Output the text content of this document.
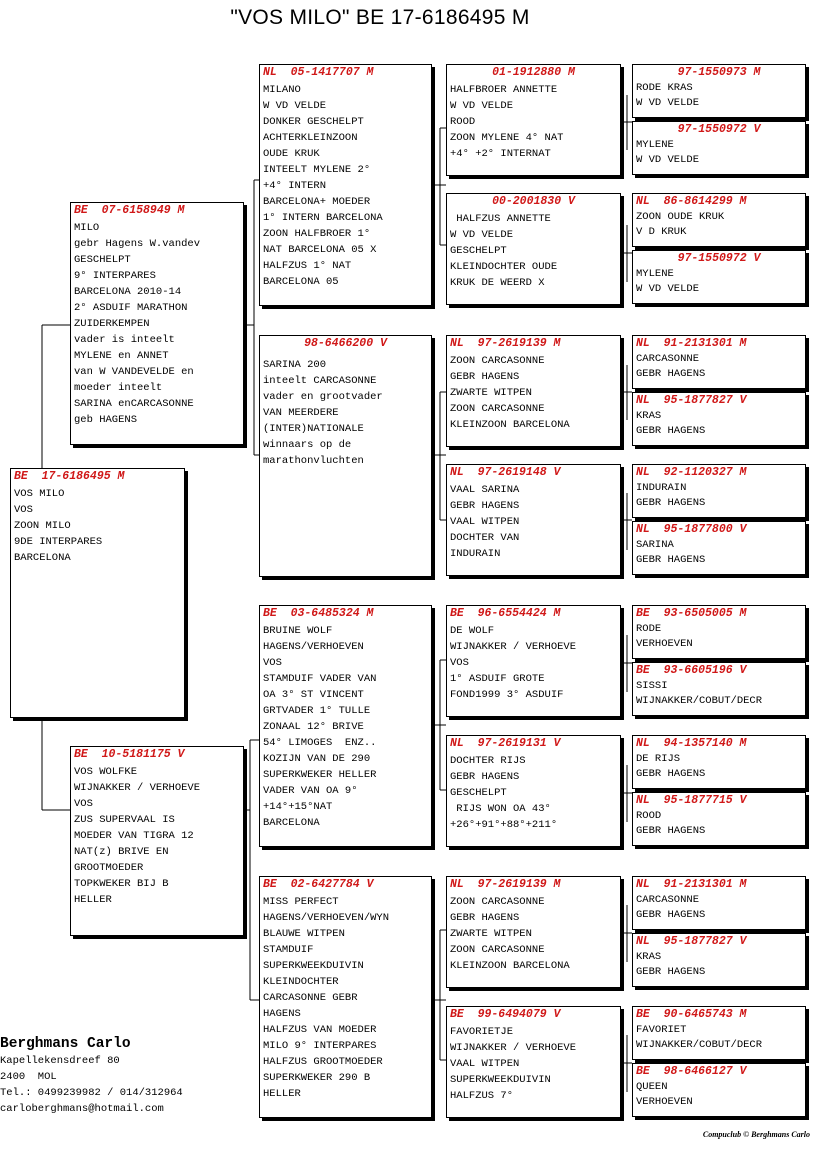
"VOS MILO" BE 17-6186495 M
BE  17-6186495 M
VOS MILO
VOS
ZOON MILO
9DE INTERPARES
BARCELONA
BE  07-6158949 M
MILO
gebr Hagens W.vandev
GESCHELPT
9° INTERPARES
BARCELONA 2010-14
2° ASDUIF MARATHON
ZUIDERKEMPEN
vader is inteelt
MYLENE en ANNET
van W VANDEVELDE en
moeder inteelt
SARINA enCARCASONNE
geb HAGENS
BE  10-5181175 V
VOS WOLFKE
WIJNAKKER / VERHOEVE
VOS
ZUS SUPERVAAL IS
MOEDER VAN TIGRA 12
NAT(z) BRIVE EN
GROOTMOEDER
TOPKWEKER BIJ B
HELLER
NL  05-1417707 M
MILANO
W VD VELDE
DONKER GESCHELPT
ACHTERKLEINZOON
OUDE KRUK
INTEELT MYLENE 2°
+4° INTERN
BARCELONA+ MOEDER
1° INTERN BARCELONA
ZOON HALFBROER 1°
NAT BARCELONA 05 X
HALFZUS 1° NAT
BARCELONA 05
98-6466200 V
SARINA 200
inteelt CARCASONNE
vader en grootvader
VAN MEERDERE
(INTER)NATIONALE
winnaars op de
marathonvluchten
BE  03-6485324 M
BRUINE WOLF
HAGENS/VERHOEVEN
VOS
STAMDUIF VADER VAN
OA 3° ST VINCENT
GRTVADER 1° TULLE
ZONAAL 12° BRIVE
54° LIMOGES  ENZ..
KOZIJN VAN DE 290
SUPERKWEKER HELLER
VADER VAN OA 9°
+14°+15°NAT
BARCELONA
BE  02-6427784 V
MISS PERFECT
HAGENS/VERHOEVEN/WYN
BLAUWE WITPEN
STAMDUIF
SUPERKWEEKDUIVIN
KLEINDOCHTER
CARCASONNE GEBR
HAGENS
HALFZUS VAN MOEDER
MILO 9° INTERPARES
HALFZUS GROOTMOEDER
SUPERKWEKER 290 B
HELLER
01-1912880 M
HALFBROER ANNETTE
W VD VELDE
ROOD
ZOON MYLENE 4° NAT
+4° +2° INTERNAT
00-2001830 V
HALFZUS ANNETTE
W VD VELDE
GESCHELPT
KLEINDOCHTER OUDE
KRUK DE WEERD X
NL  97-2619139 M
ZOON CARCASONNE
GEBR HAGENS
ZWARTE WITPEN
ZOON CARCASONNE
KLEINZOON BARCELONA
NL  97-2619148 V
VAAL SARINA
GEBR HAGENS
VAAL WITPEN
DOCHTER VAN
INDURAIN
BE  96-6554424 M
DE WOLF
WIJNAKKER / VERHOEVE
VOS
1° ASDUIF GROTE
FOND1999 3° ASDUIF
NL  97-2619131 V
DOCHTER RIJS
GEBR HAGENS
GESCHELPT
RIJS WON OA 43°
+26°+91°+88°+211°
NL  97-2619139 M
ZOON CARCASONNE
GEBR HAGENS
ZWARTE WITPEN
ZOON CARCASONNE
KLEINZOON BARCELONA
BE  99-6494079 V
FAVORIETJE
WIJNAKKER / VERHOEVE
VAAL WITPEN
SUPERKWEEKDUIVIN
HALFZUS 7°
97-1550973 M
RODE KRAS
W VD VELDE
97-1550972 V
MYLENE
W VD VELDE
NL  86-8614299 M
ZOON OUDE KRUK
V D KRUK
97-1550972 V
MYLENE
W VD VELDE
NL  91-2131301 M
CARCASONNE
GEBR HAGENS
NL  95-1877827 V
KRAS
GEBR HAGENS
NL  92-1120327 M
INDURAIN
GEBR HAGENS
NL  95-1877800 V
SARINA
GEBR HAGENS
BE  93-6505005 M
RODE
VERHOEVEN
BE  93-6605196 V
SISSI
WIJNAKKER/COBUT/DECR
NL  94-1357140 M
DE RIJS
GEBR HAGENS
NL  95-1877715 V
ROOD
GEBR HAGENS
NL  91-2131301 M
CARCASONNE
GEBR HAGENS
NL  95-1877827 V
KRAS
GEBR HAGENS
BE  90-6465743 M
FAVORIET
WIJNAKKER/COBUT/DECR
BE  98-6466127 V
QUEEN
VERHOEVEN
Berghmans Carlo
Kapellekensdreef 80
2400  MOL
Tel.: 0499239982 / 014/312964
carloberghmans@hotmail.com
Compuclub © Berghmans Carlo
